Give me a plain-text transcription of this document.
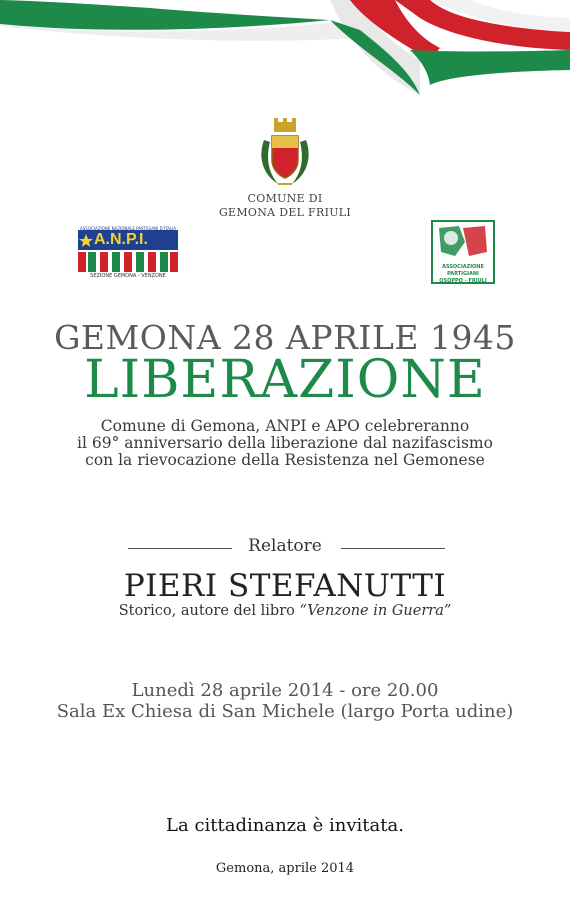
COMUNE DI
GEMONA DEL FRIULI
ASSOCIAZIONE NAZIONALE PARTIGIANI D'ITALIA
A.N.P.I.
SEZIONE GEMONA - VENZONE
ASSOCIAZIONE PARTIGIANI
OSOPPO - FRIULI
GEMONA 28 APRILE 1945
LIBERAZIONE
Comune di Gemona, ANPI e APO celebreranno
il 69° anniversario della liberazione dal nazifascismo
con la rievocazione della Resistenza nel Gemonese
Relatore
PIERI STEFANUTTI
Storico, autore del libro “Venzone in Guerra”
Lunedì 28 aprile 2014 - ore 20.00
Sala Ex Chiesa di San Michele (largo Porta udine)
La cittadinanza è invitata.
Gemona, aprile 2014
